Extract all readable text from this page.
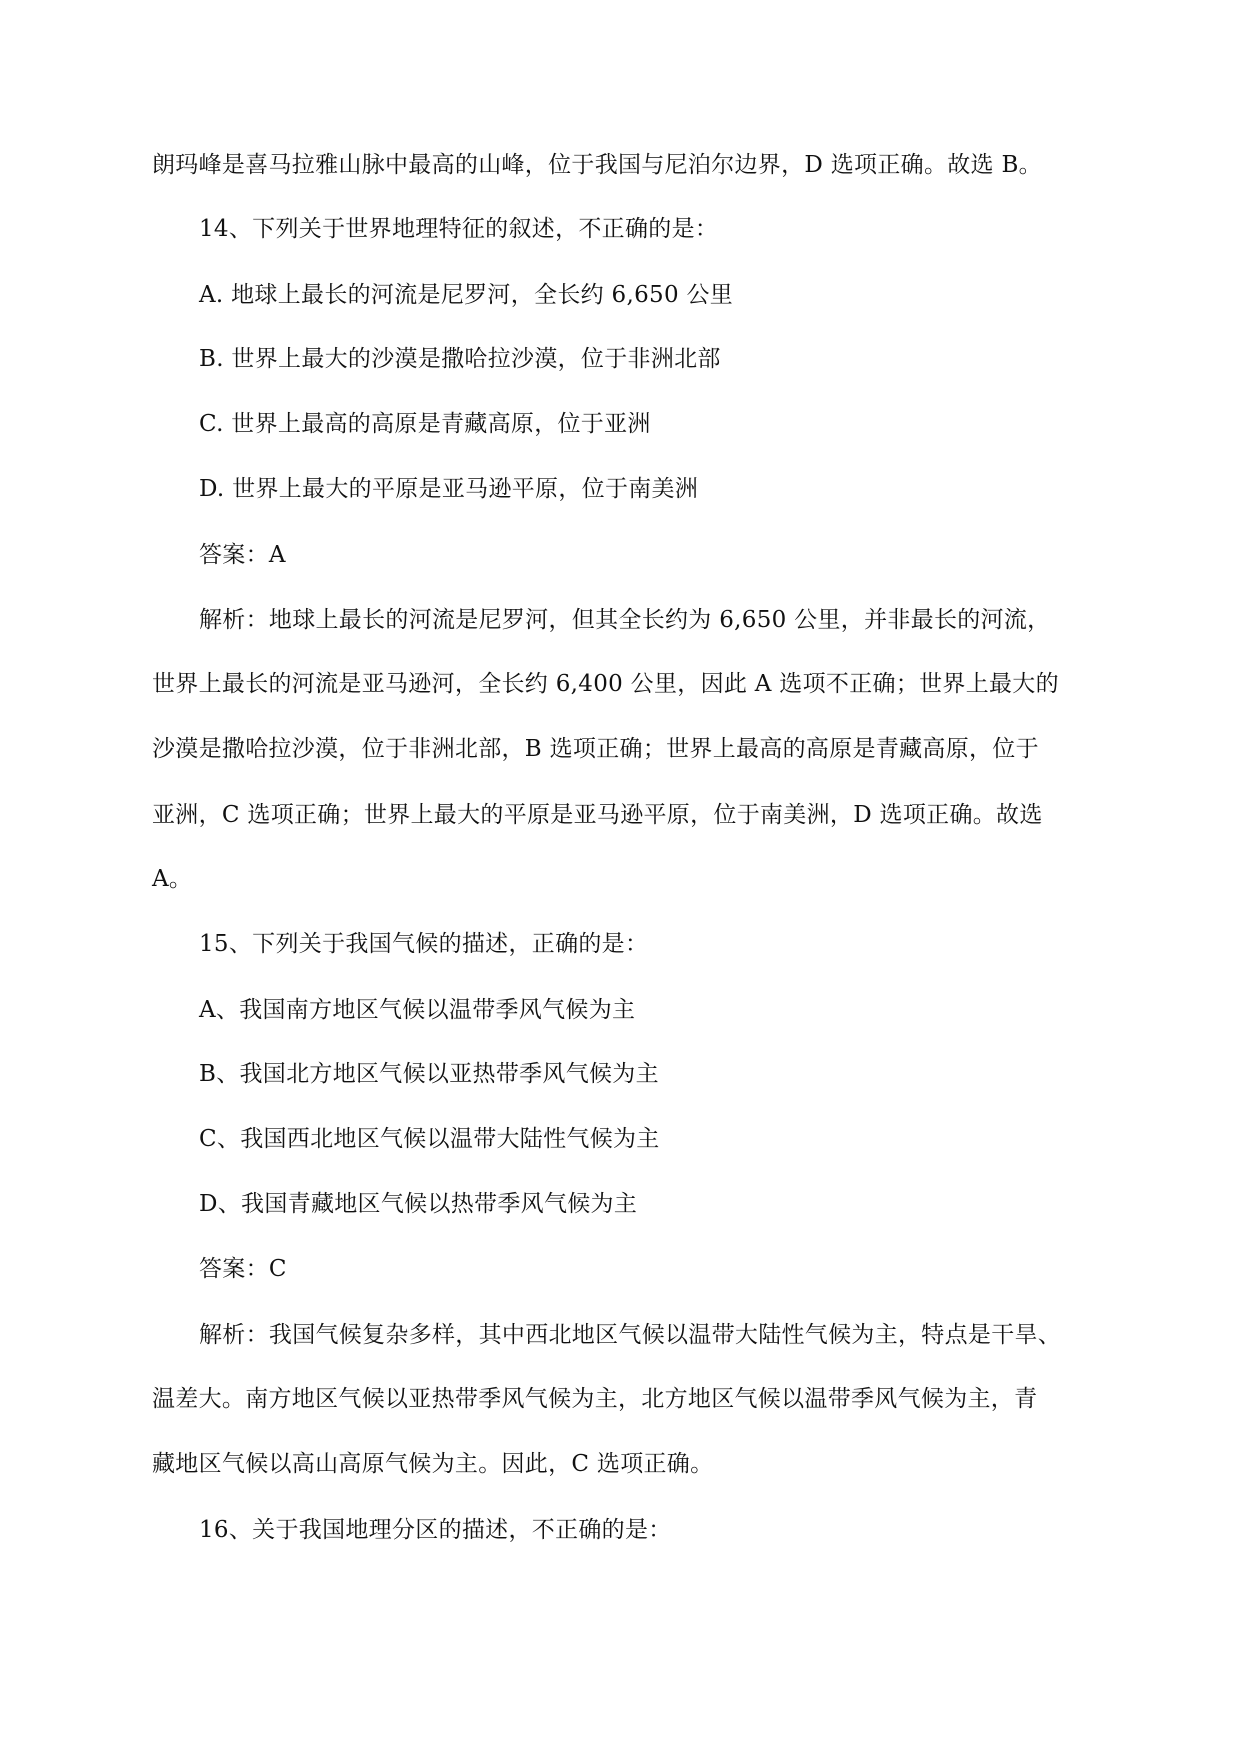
朗玛峰是喜马拉雅山脉中最高的山峰，位于我国与尼泊尔边界，D 选项正确。故选 B。
14、下列关于世界地理特征的叙述，不正确的是：
A. 地球上最长的河流是尼罗河，全长约 6,650 公里
B. 世界上最大的沙漠是撒哈拉沙漠，位于非洲北部
C. 世界上最高的高原是青藏高原，位于亚洲
D. 世界上最大的平原是亚马逊平原，位于南美洲
答案：A
解析：地球上最长的河流是尼罗河，但其全长约为 6,650 公里，并非最长的河流，
世界上最长的河流是亚马逊河，全长约 6,400 公里，因此 A 选项不正确；世界上最大的
沙漠是撒哈拉沙漠，位于非洲北部，B 选项正确；世界上最高的高原是青藏高原，位于
亚洲，C 选项正确；世界上最大的平原是亚马逊平原，位于南美洲，D 选项正确。故选
A。
15、下列关于我国气候的描述，正确的是：
A、我国南方地区气候以温带季风气候为主
B、我国北方地区气候以亚热带季风气候为主
C、我国西北地区气候以温带大陆性气候为主
D、我国青藏地区气候以热带季风气候为主
答案：C
解析：我国气候复杂多样，其中西北地区气候以温带大陆性气候为主，特点是干旱、
温差大。南方地区气候以亚热带季风气候为主，北方地区气候以温带季风气候为主，青
藏地区气候以高山高原气候为主。因此，C 选项正确。
16、关于我国地理分区的描述，不正确的是：
